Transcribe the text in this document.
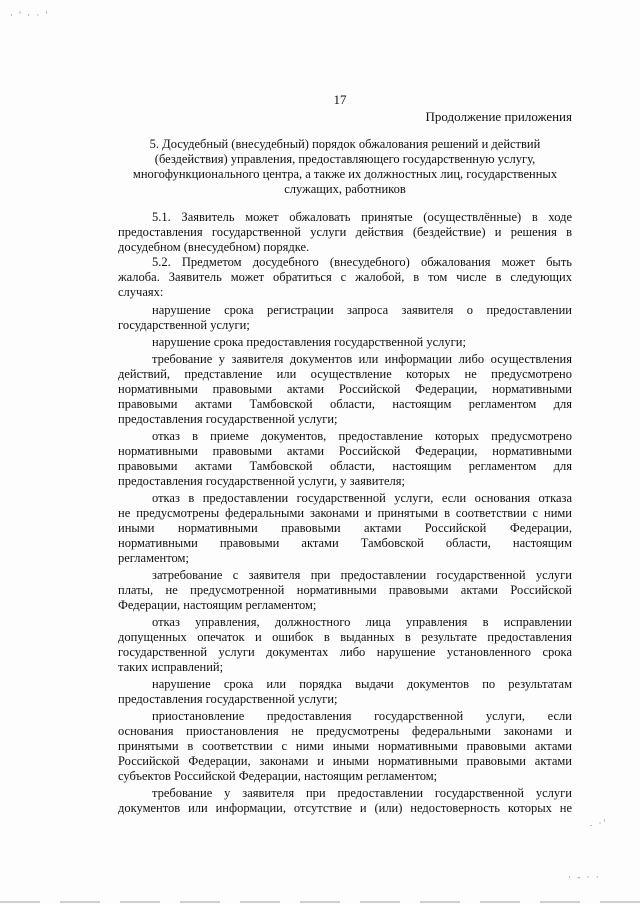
· ' · · '
17
Продолжение приложения
5. Досудебный (внесудебный) порядок обжалования решений и действий
(бездействия) управления, предоставляющего государственную услугу,
многофункционального центра, а также их должностных лиц, государственных
служащих, работников
5.1. Заявитель может обжаловать принятые (осуществлённые) в ходе
предоставления государственной услуги действия (бездействие) и решения в
досудебном (внесудебном) порядке.
5.2. Предметом досудебного (внесудебного) обжалования может быть
жалоба. Заявитель может обратиться с жалобой, в том числе в следующих
случаях:
нарушение срока регистрации запроса заявителя о предоставлении
государственной услуги;
нарушение срока предоставления государственной услуги;
требование у заявителя документов или информации либо осуществления
действий, представление или осуществление которых не предусмотрено
нормативными правовыми актами Российской Федерации, нормативными
правовыми актами Тамбовской области, настоящим регламентом для
предоставления государственной услуги;
отказ в приеме документов, предоставление которых предусмотрено
нормативными правовыми актами Российской Федерации, нормативными
правовыми актами Тамбовской области, настоящим регламентом для
предоставления государственной услуги, у заявителя;
отказ в предоставлении государственной услуги, если основания отказа
не предусмотрены федеральными законами и принятыми в соответствии с ними
иными нормативными правовыми актами Российской Федерации,
нормативными правовыми актами Тамбовской области, настоящим
регламентом;
затребование с заявителя при предоставлении государственной услуги
платы, не предусмотренной нормативными правовыми актами Российской
Федерации, настоящим регламентом;
отказ управления, должностного лица управления в исправлении
допущенных опечаток и ошибок в выданных в результате предоставления
государственной услуги документах либо нарушение установленного срока
таких исправлений;
нарушение срока или порядка выдачи документов по результатам
предоставления государственной услуги;
приостановление предоставления государственной услуги, если
основания приостановления не предусмотрены федеральными законами и
принятыми в соответствии с ними иными нормативными правовыми актами
Российской Федерации, законами и иными нормативными правовыми актами
субъектов Российской Федерации, настоящим регламентом;
требование у заявителя при предоставлении государственной услуги
документов или информации, отсутствие и (или) недостоверность которых не
. ·'
· - · ·
